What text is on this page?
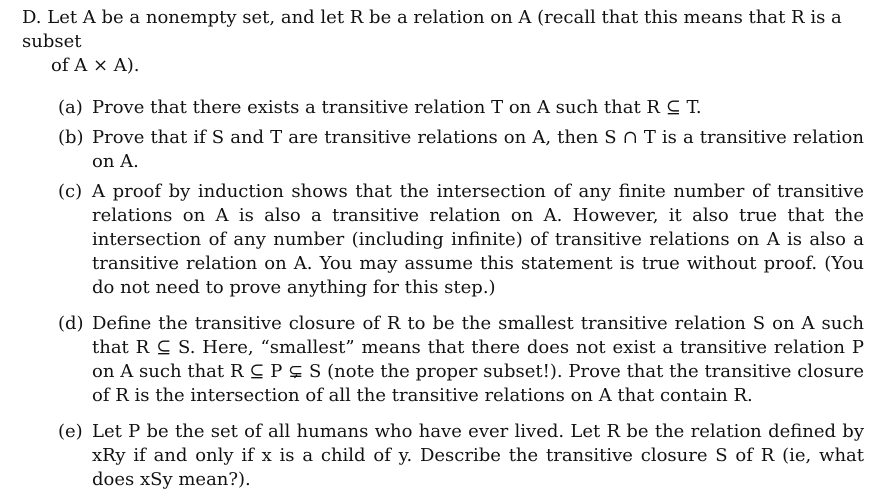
D. Let A be a nonempty set, and let R be a relation on A (recall that this means that R is a subset
of A × A).
(a) Prove that there exists a transitive relation T on A such that R ⊆ T.
(b) Prove that if S and T are transitive relations on A, then S ∩ T is a transitive relation on A.
(c) A proof by induction shows that the intersection of any finite number of transitive relations on A is also a transitive relation on A. However, it also true that the intersection of any number (including infinite) of transitive relations on A is also a transitive relation on A. You may assume this statement is true without proof. (You do not need to prove anything for this step.)
(d) Define the transitive closure of R to be the smallest transitive relation S on A such that R ⊆ S. Here, “smallest” means that there does not exist a transitive relation P on A such that R ⊆ P ⊊ S (note the proper subset!). Prove that the transitive closure of R is the intersection of all the transitive relations on A that contain R.
(e) Let P be the set of all humans who have ever lived. Let R be the relation defined by xRy if and only if x is a child of y. Describe the transitive closure S of R (ie, what does xSy mean?).
